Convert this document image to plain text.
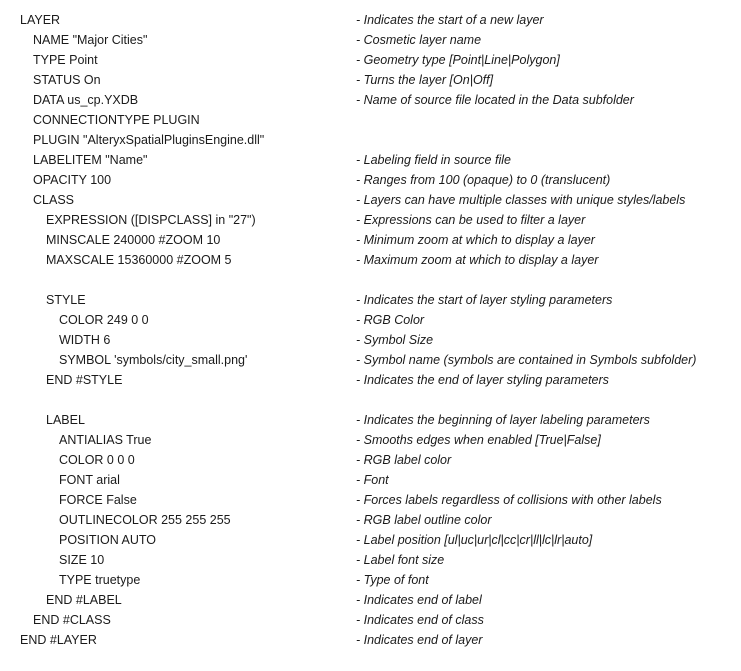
LAYER	- Indicates the start of a new layer
NAME "Major Cities"	- Cosmetic layer name
TYPE Point	- Geometry type [Point|Line|Polygon]
STATUS On	- Turns the layer [On|Off]
DATA us_cp.YXDB	- Name of source file located in the Data subfolder
CONNECTIONTYPE PLUGIN
PLUGIN "AlteryxSpatialPluginsEngine.dll"
LABELITEM "Name"	- Labeling field in source file
OPACITY 100	- Ranges from 100 (opaque) to 0 (translucent)
CLASS	- Layers can have multiple classes with unique styles/labels
EXPRESSION ([DISPCLASS] in "27")	- Expressions can be used to filter a layer
MINSCALE 240000 #ZOOM 10	- Minimum zoom at which to display a layer
MAXSCALE 15360000 #ZOOM 5	- Maximum zoom at which to display a layer
STYLE	- Indicates the start of layer styling parameters
COLOR 249 0 0	- RGB Color
WIDTH 6	- Symbol Size
SYMBOL 'symbols/city_small.png'	- Symbol name (symbols are contained in Symbols subfolder)
END #STYLE	- Indicates the end of layer styling parameters
LABEL	- Indicates the beginning of layer labeling parameters
ANTIALIAS True	- Smooths edges when enabled [True|False]
COLOR 0 0 0	- RGB label color
FONT arial	- Font
FORCE False	- Forces labels regardless of collisions with other labels
OUTLINECOLOR 255 255 255	- RGB label outline color
POSITION AUTO	- Label position [ul|uc|ur|cl|cc|cr|ll|lc|lr|auto]
SIZE 10	- Label font size
TYPE truetype	- Type of font
END #LABEL	- Indicates end of label
END #CLASS	- Indicates end of class
END #LAYER	- Indicates end of layer
